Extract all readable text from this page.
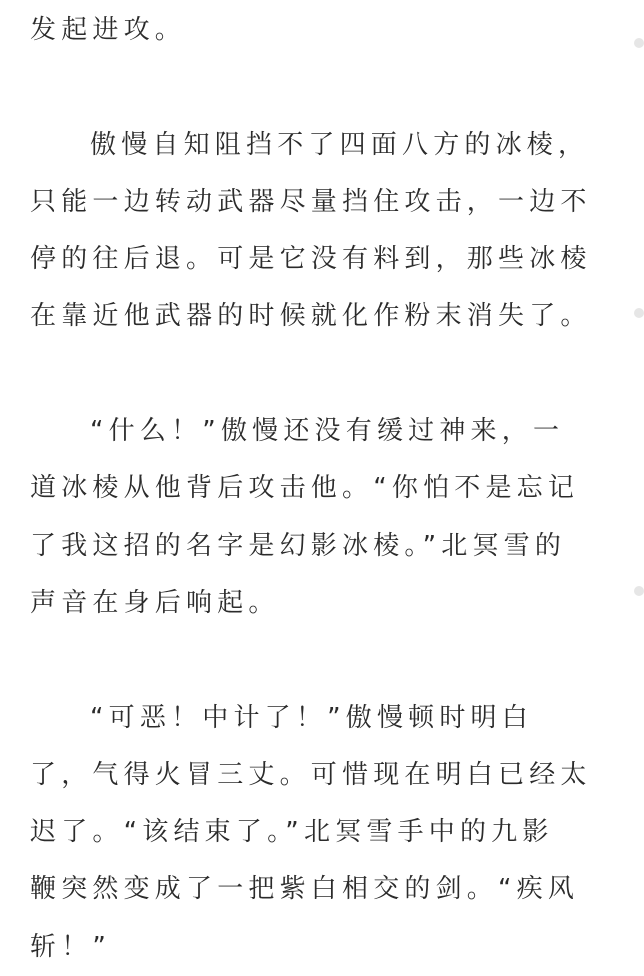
发起进攻。
傲慢自知阻挡不了四面八方的冰棱，
只能一边转动武器尽量挡住攻击，一边不
停的往后退。可是它没有料到，那些冰棱
在靠近他武器的时候就化作粉末消失了。
“什么！”傲慢还没有缓过神来，一
道冰棱从他背后攻击他。“你怕不是忘记
了我这招的名字是幻影冰棱。”北冥雪的
声音在身后响起。
“可恶！中计了！”傲慢顿时明白
了，气得火冒三丈。可惜现在明白已经太
迟了。“该结束了。”北冥雪手中的九影
鞭突然变成了一把紫白相交的剑。“疾风
斩！”
